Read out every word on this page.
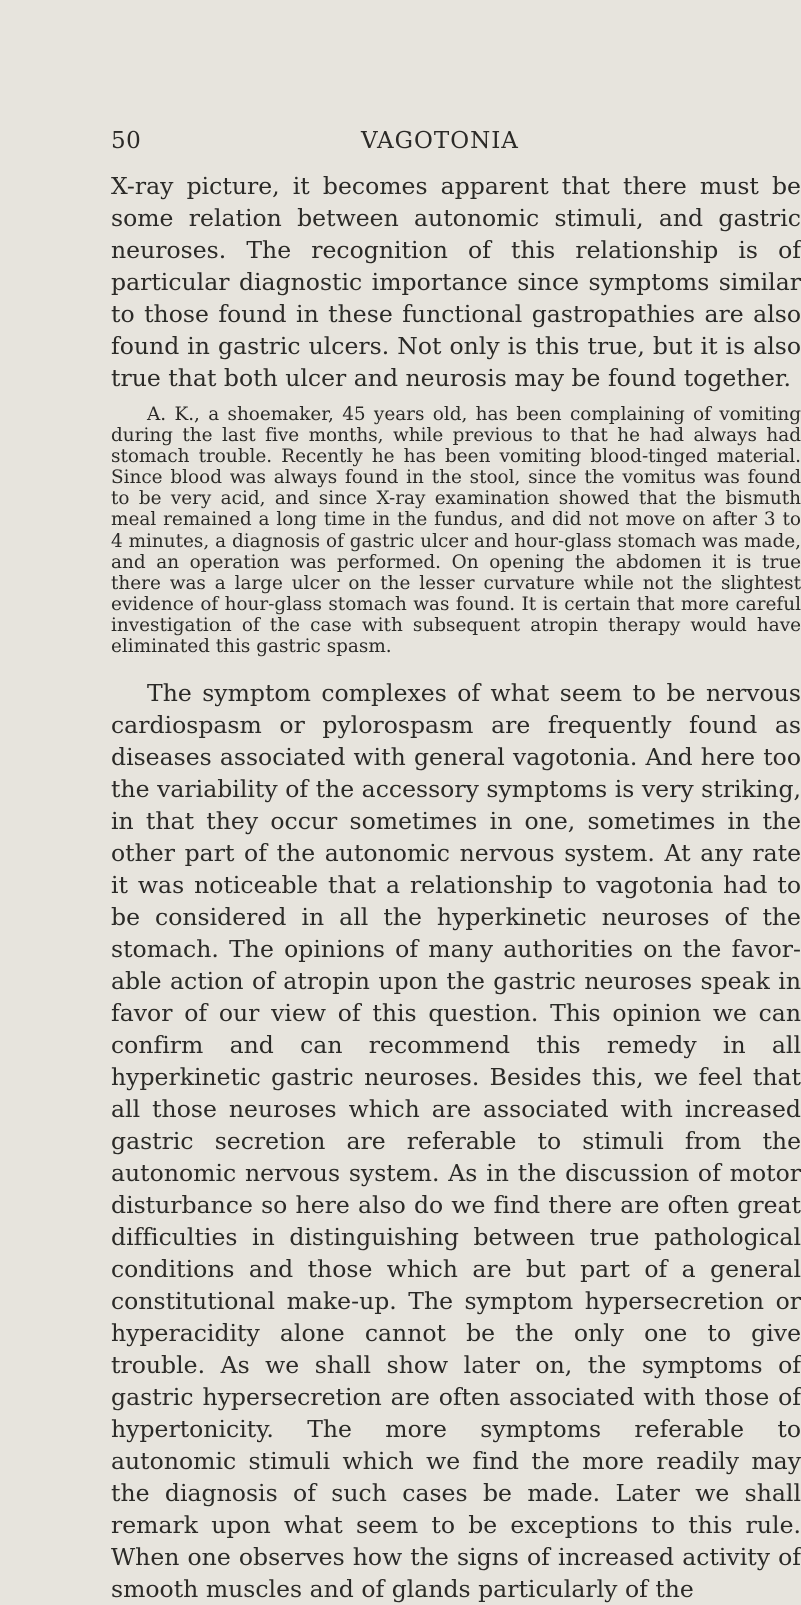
50	VAGOTONIA

X-ray picture, it becomes apparent that there must be some relation between autonomic stimuli, and gastric neuroses. The recognition of this relationship is of particular diagnostic importance since symptoms similar to those found in these functional gastropathies are also found in gastric ulcers. Not only is this true, but it is also true that both ulcer and neurosis may be found together.

A. K., a shoemaker, 45 years old, has been complaining of vomiting during the last five months, while previous to that he had always had stomach trouble. Recently he has been vomiting blood-tinged material. Since blood was always found in the stool, since the vomitus was found to be very acid, and since X-ray examination showed that the bismuth meal remained a long time in the fundus, and did not move on after 3 to 4 minutes, a diagnosis of gastric ulcer and hour-glass stomach was made, and an operation was performed. On opening the abdomen it is true there was a large ulcer on the lesser curvature while not the slightest evidence of hour-glass stomach was found. It is certain that more careful investigation of the case with subsequent atropin therapy would have eliminated this gastric spasm.

The symptom complexes of what seem to be nervous cardiospasm or pylorospasm are frequently found as diseases associated with general vagotonia. And here too the variability of the accessory symptoms is very striking, in that they occur sometimes in one, sometimes in the other part of the autonomic nervous system. At any rate it was noticeable that a relationship to vagotonia had to be considered in all the hyperkinetic neuroses of the stomach. The opinions of many authorities on the favorable action of atropin upon the gastric neuroses speak in favor of our view of this question. This opinion we can confirm and can recommend this remedy in all hyperkinetic gastric neuroses. Besides this, we feel that all those neuroses which are associated with increased gastric secretion are referable to stimuli from the autonomic nervous system. As in the discussion of motor disturbance so here also do we find there are often great difficulties in distinguishing between true pathological conditions and those which are but part of a general constitutional make-up. The symptom hypersecretion or hyperacidity alone cannot be the only one to give trouble. As we shall show later on, the symptoms of gastric hypersecretion are often associated with those of hypertonicity. The more symptoms referable to autonomic stimuli which we find the more readily may the diagnosis of such cases be made. Later we shall remark upon what seem to be exceptions to this rule. When one observes how the signs of increased activity of smooth muscles and of glands particularly of the
